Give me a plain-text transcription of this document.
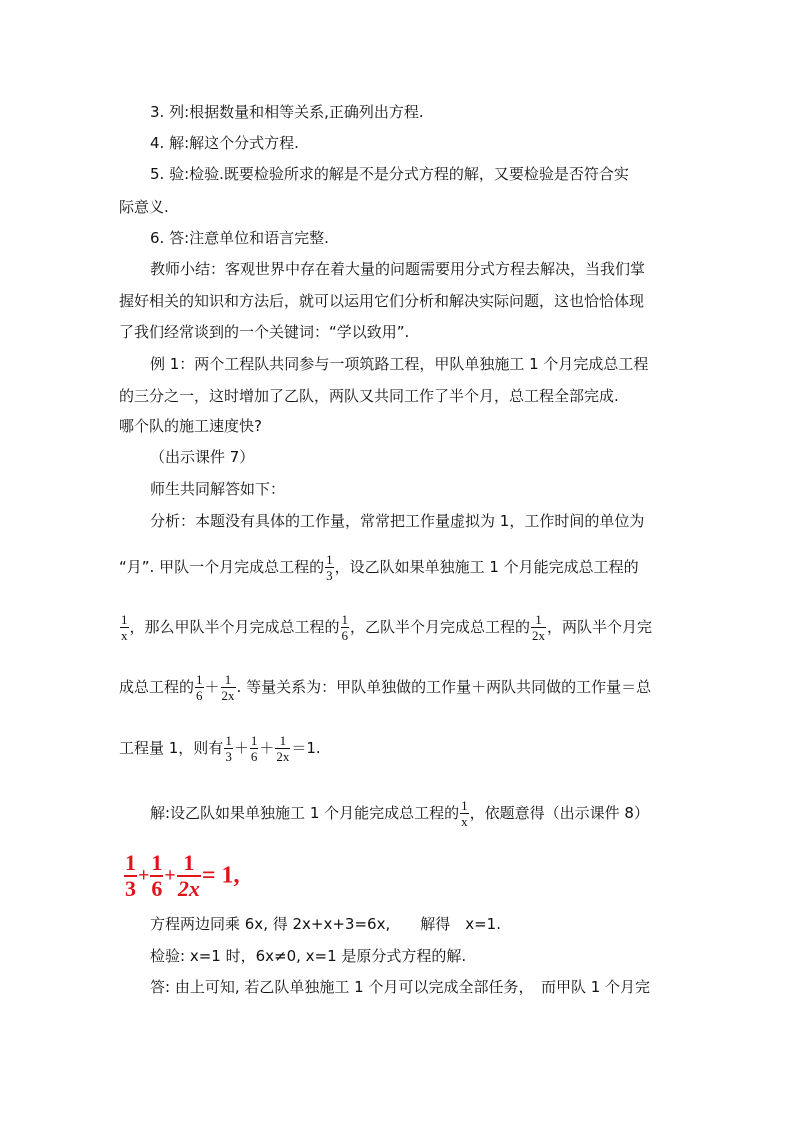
3. 列:根据数量和相等关系,正确列出方程.
4. 解:解这个分式方程.
5. 验:检验.既要检验所求的解是不是分式方程的解，又要检验是否符合实
际意义.
6. 答:注意单位和语言完整.
教师小结：客观世界中存在着大量的问题需要用分式方程去解决，当我们掌
握好相关的知识和方法后，就可以运用它们分析和解决实际问题，这也恰恰体现
了我们经常谈到的一个关键词：“学以致用”.
例 1：两个工程队共同参与一项筑路工程，甲队单独施工 1 个月完成总工程
的三分之一，这时增加了乙队，两队又共同工作了半个月，总工程全部完成.
哪个队的施工速度快?
（出示课件 7）
师生共同解答如下：
分析：本题没有具体的工作量，常常把工作量虚拟为 1，工作时间的单位为
“月”. 甲队一个月完成总工程的 $\frac{1}{3}$ ，设乙队如果单独施工 1 个月能完成总工程的
$\frac{1}{x}$ ，那么甲队半个月完成总工程的 $\frac{1}{6}$ ，乙队半个月完成总工程的 $\frac{1}{2x}$ ，两队半个月完
成总工程的 $\frac{1}{6} + \frac{1}{2x}$ . 等量关系为：甲队单独做的工作量＋两队共同做的工作量＝总
工程量 1，则有 $\frac{1}{3} + \frac{1}{6} + \frac{1}{2x} =1$.
解:设乙队如果单独施工 1 个月能完成总工程的 $\frac{1}{x}$ ，依题意得（出示课件 8）
$\frac{1}{3} + \frac{1}{6} + \frac{1}{2x} = 1$,
方程两边同乘 6x, 得 2x+x+3=6x,　　解得　x=1.
检验: x=1 时，6x≠0, x=1 是原分式方程的解.
答: 由上可知, 若乙队单独施工 1 个月可以完成全部任务，　而甲队 1 个月完
